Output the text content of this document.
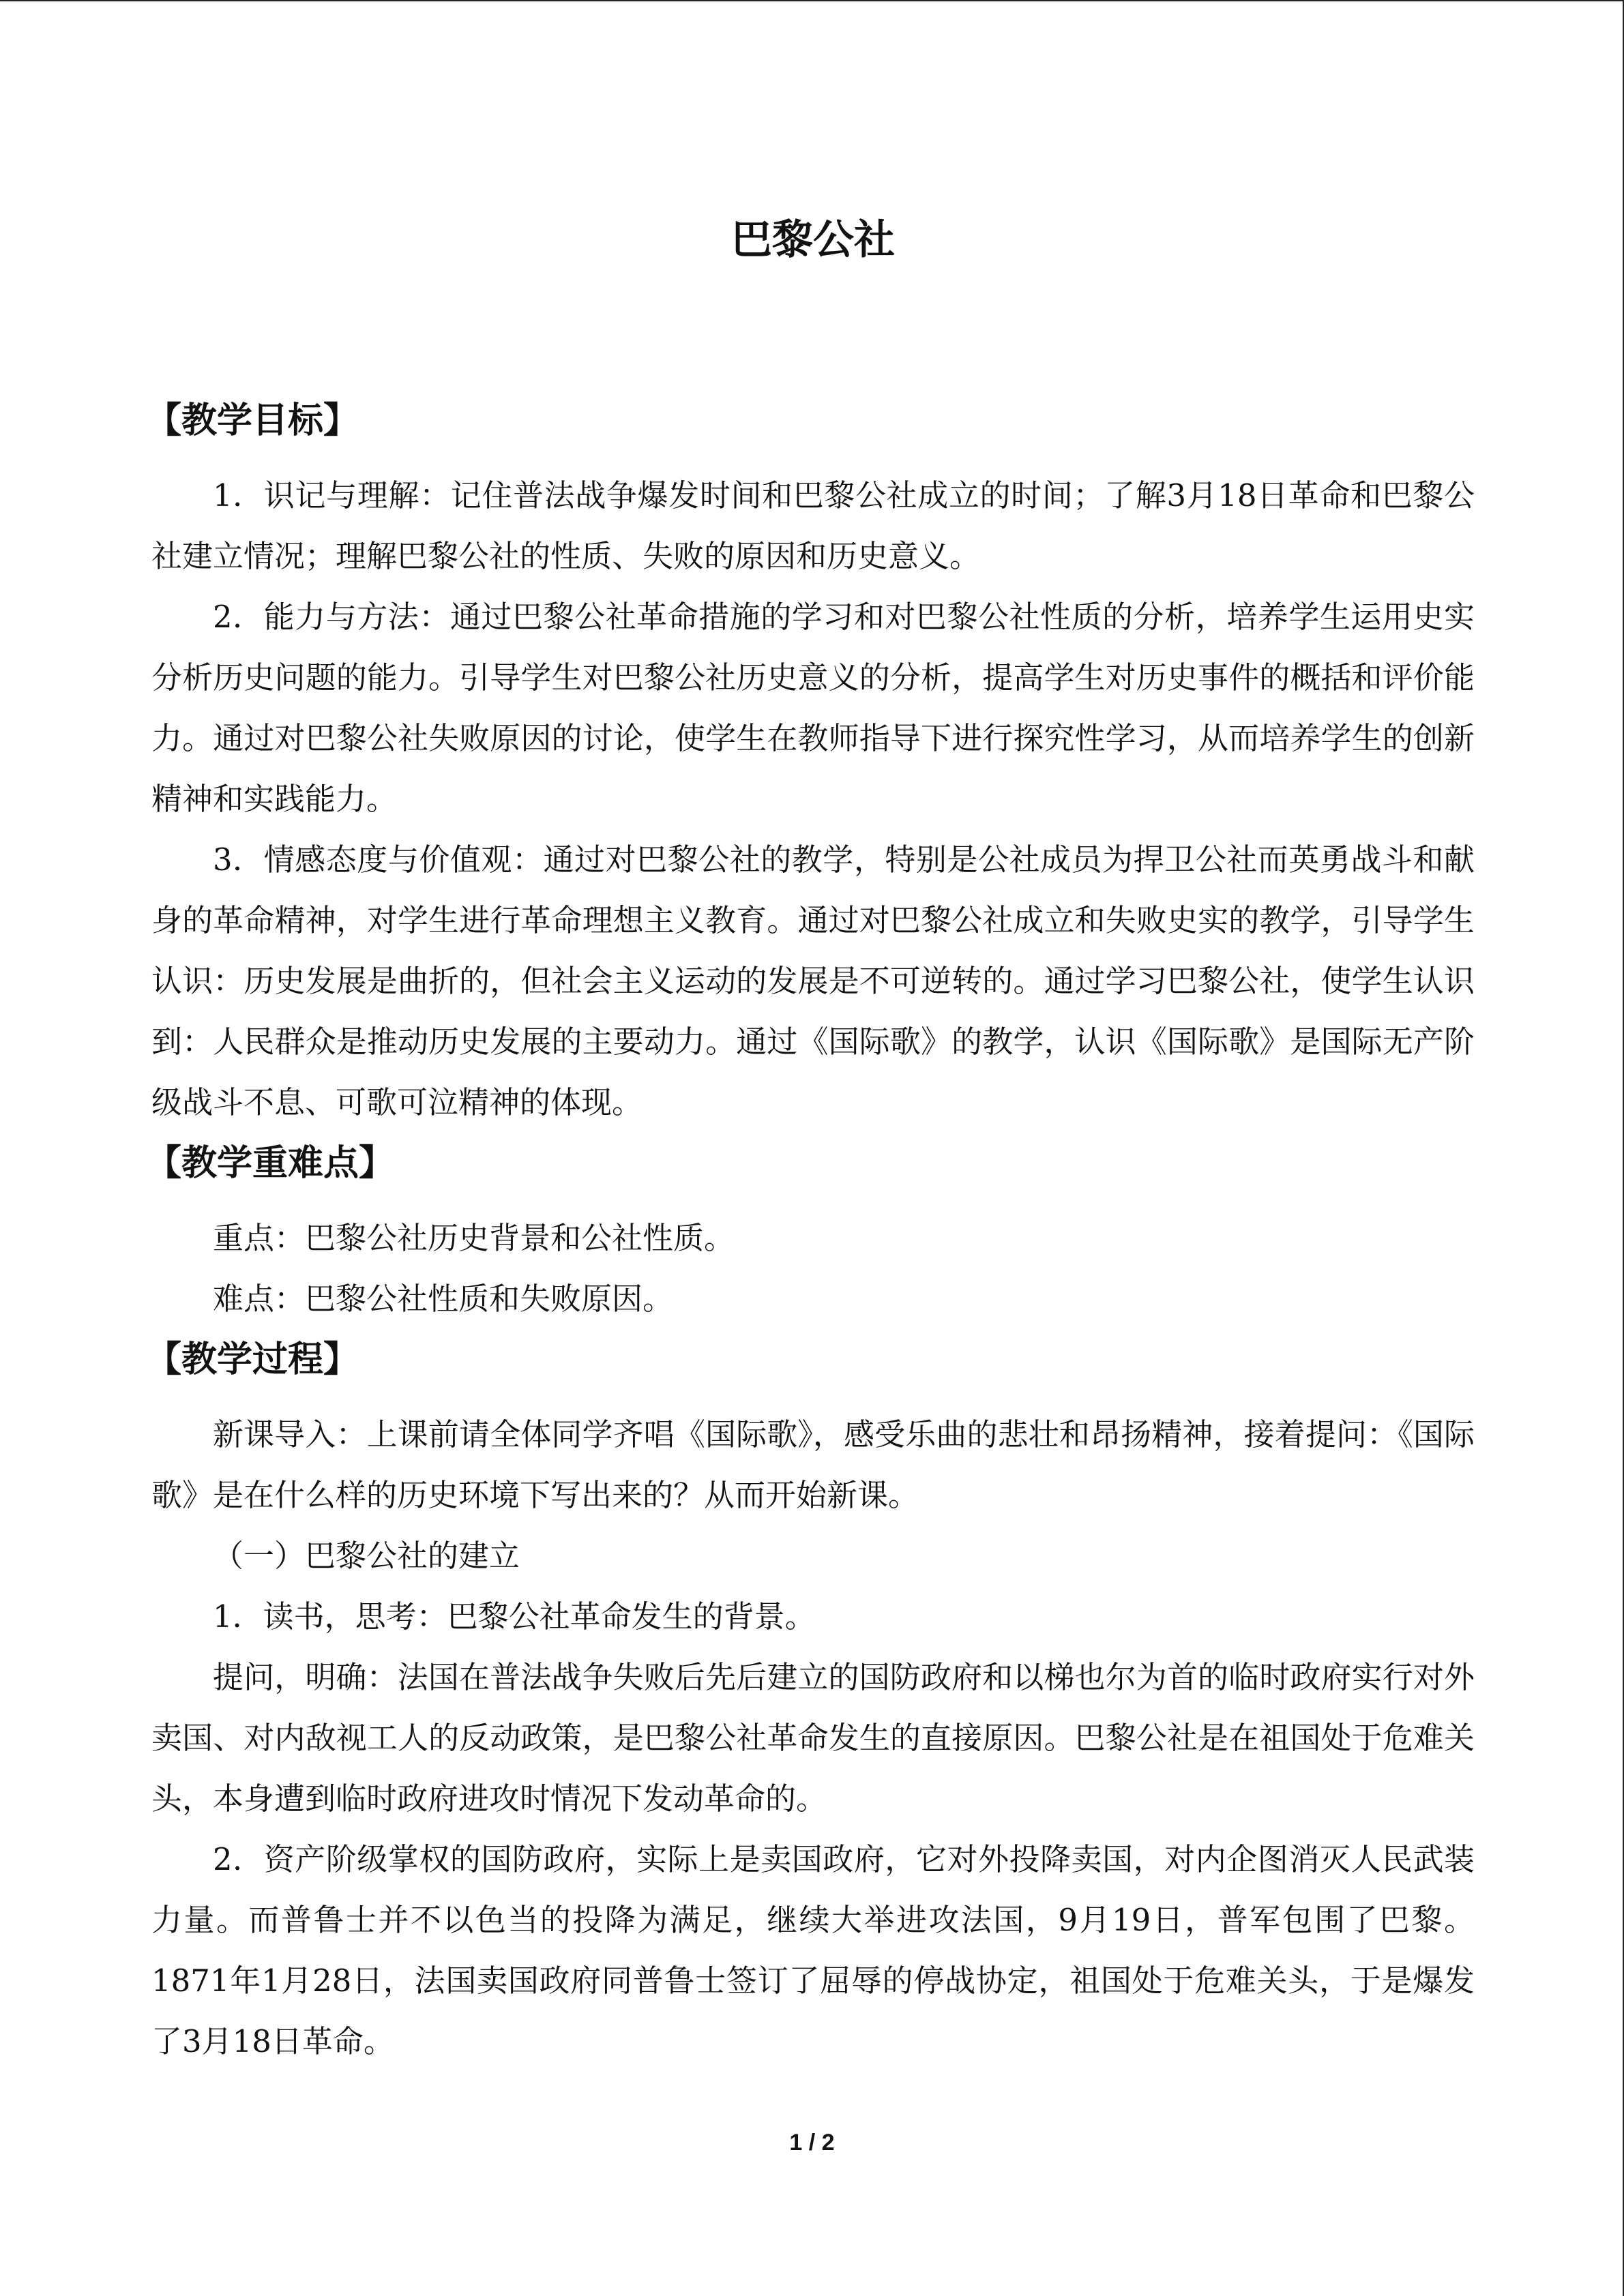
巴黎公社
【教学目标】

1．识记与理解：记住普法战争爆发时间和巴黎公社成立的时间；了解3月18日革命和巴黎公社建立情况；理解巴黎公社的性质、失败的原因和历史意义。

2．能力与方法：通过巴黎公社革命措施的学习和对巴黎公社性质的分析，培养学生运用史实分析历史问题的能力。引导学生对巴黎公社历史意义的分析，提高学生对历史事件的概括和评价能力。通过对巴黎公社失败原因的讨论，使学生在教师指导下进行探究性学习，从而培养学生的创新精神和实践能力。

3．情感态度与价值观：通过对巴黎公社的教学，特别是公社成员为捍卫公社而英勇战斗和献身的革命精神，对学生进行革命理想主义教育。通过对巴黎公社成立和失败史实的教学，引导学生认识：历史发展是曲折的，但社会主义运动的发展是不可逆转的。通过学习巴黎公社，使学生认识到：人民群众是推动历史发展的主要动力。通过《国际歌》的教学，认识《国际歌》是国际无产阶级战斗不息、可歌可泣精神的体现。

【教学重难点】

重点：巴黎公社历史背景和公社性质。

难点：巴黎公社性质和失败原因。

【教学过程】

新课导入：上课前请全体同学齐唱《国际歌》，感受乐曲的悲壮和昂扬精神，接着提问：《国际歌》是在什么样的历史环境下写出来的？从而开始新课。

（一）巴黎公社的建立

1．读书，思考：巴黎公社革命发生的背景。

提问，明确：法国在普法战争失败后先后建立的国防政府和以梯也尔为首的临时政府实行对外卖国、对内敌视工人的反动政策，是巴黎公社革命发生的直接原因。巴黎公社是在祖国处于危难关头，本身遭到临时政府进攻时情况下发动革命的。

2．资产阶级掌权的国防政府，实际上是卖国政府，它对外投降卖国，对内企图消灭人民武装力量。而普鲁士并不以色当的投降为满足，继续大举进攻法国，9月19日，普军包围了巴黎。1871年1月28日，法国卖国政府同普鲁士签订了屈辱的停战协定，祖国处于危难关头，于是爆发了3月18日革命。

1 / 2
